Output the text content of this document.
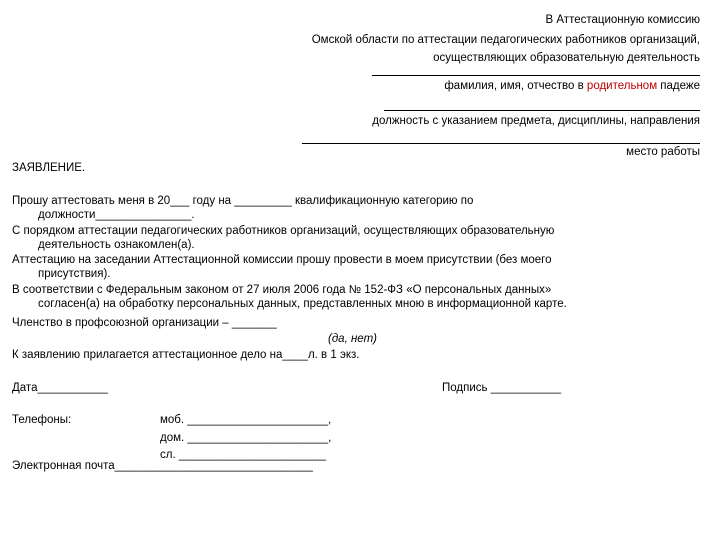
В Аттестационную комиссию
Омской области по аттестации педагогических работников организаций,
осуществляющих образовательную деятельность
фамилия, имя, отчество в родительном падеже
должность с указанием предмета, дисциплины, направления
место работы
ЗАЯВЛЕНИЕ.
Прошу аттестовать меня в 20___ году на _________ квалификационную категорию по
должности_______________.
С порядком аттестации педагогических работников организаций, осуществляющих образовательную
деятельность ознакомлен(а).
Аттестацию на заседании Аттестационной комиссии прошу провести в моем присутствии (без моего
присутствия).
В соответствии с Федеральным законом от 27 июля 2006 года № 152-ФЗ «О персональных данных»
согласен(а) на обработку персональных данных, представленных мною в информационной карте.
Членство в профсоюзной организации – _______
(да, нет)
К заявлению прилагается аттестационное дело на____л. в 1 экз.
Дата___________	Подпись ___________
Телефоны:	моб. ______________________,
дом. ______________________,
сл. _______________________
Электронная почта_______________________________
